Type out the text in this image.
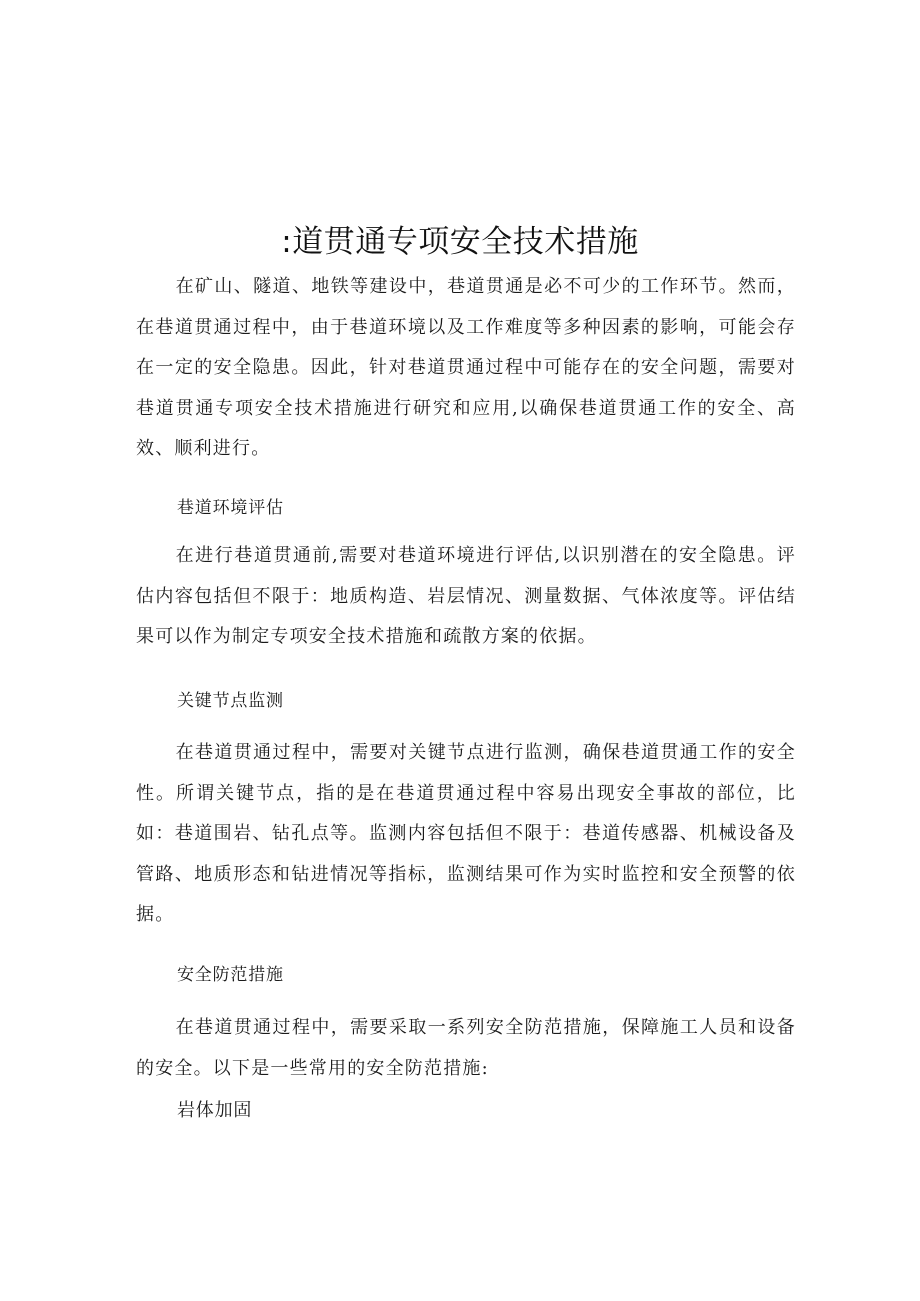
:道贯通专项安全技术措施

在矿山、隧道、地铁等建设中，巷道贯通是必不可少的工作环节。然而，在巷道贯通过程中，由于巷道环境以及工作难度等多种因素的影响，可能会存在一定的安全隐患。因此，针对巷道贯通过程中可能存在的安全问题，需要对巷道贯通专项安全技术措施进行研究和应用,以确保巷道贯通工作的安全、高效、顺利进行。

巷道环境评估

在进行巷道贯通前,需要对巷道环境进行评估,以识别潜在的安全隐患。评估内容包括但不限于：地质构造、岩层情况、测量数据、气体浓度等。评估结果可以作为制定专项安全技术措施和疏散方案的依据。

关键节点监测

在巷道贯通过程中，需要对关键节点进行监测，确保巷道贯通工作的安全性。所谓关键节点，指的是在巷道贯通过程中容易出现安全事故的部位，比如：巷道围岩、钻孔点等。监测内容包括但不限于：巷道传感器、机械设备及管路、地质形态和钻进情况等指标，监测结果可作为实时监控和安全预警的依据。

安全防范措施

在巷道贯通过程中，需要采取一系列安全防范措施，保障施工人员和设备的安全。以下是一些常用的安全防范措施:

岩体加固
